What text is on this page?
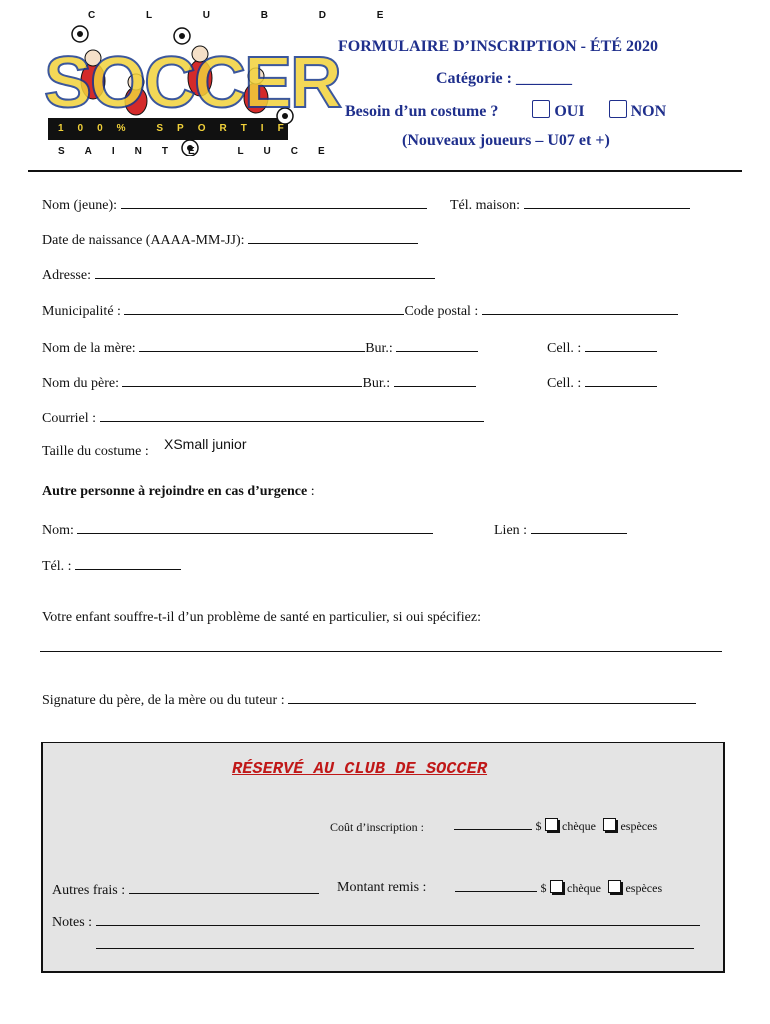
C L U B D E
SOCCER
100% SPORTIF
SAINTE LUCE
FORMULAIRE D’INSCRIPTION - ÉTÉ 2020
Catégorie : _______
Besoin d’un costume ?	OUI	NON
(Nouveaux joueurs – U07 et +)
Nom (jeune):	Tél. maison:
Date de naissance (AAAA-MM-JJ):
Adresse:
Municipalité :	Code postal :
Nom de la mère:	Bur.:	Cell. :
Nom du père:	Bur.:	Cell. :
Courriel :
Taille du costume : XSmall junior
Autre personne à rejoindre en cas d’urgence :
Nom:	Lien :
Tél. :
Votre enfant souffre-t-il d’un problème de santé en particulier, si oui spécifiez:
Signature du père, de la mère ou du tuteur :
RÉSERVÉ AU CLUB DE SOCCER
Coût d’inscription :	$ chèque espèces
Autres frais :	Montant remis :	$ chèque espèces
Notes :
